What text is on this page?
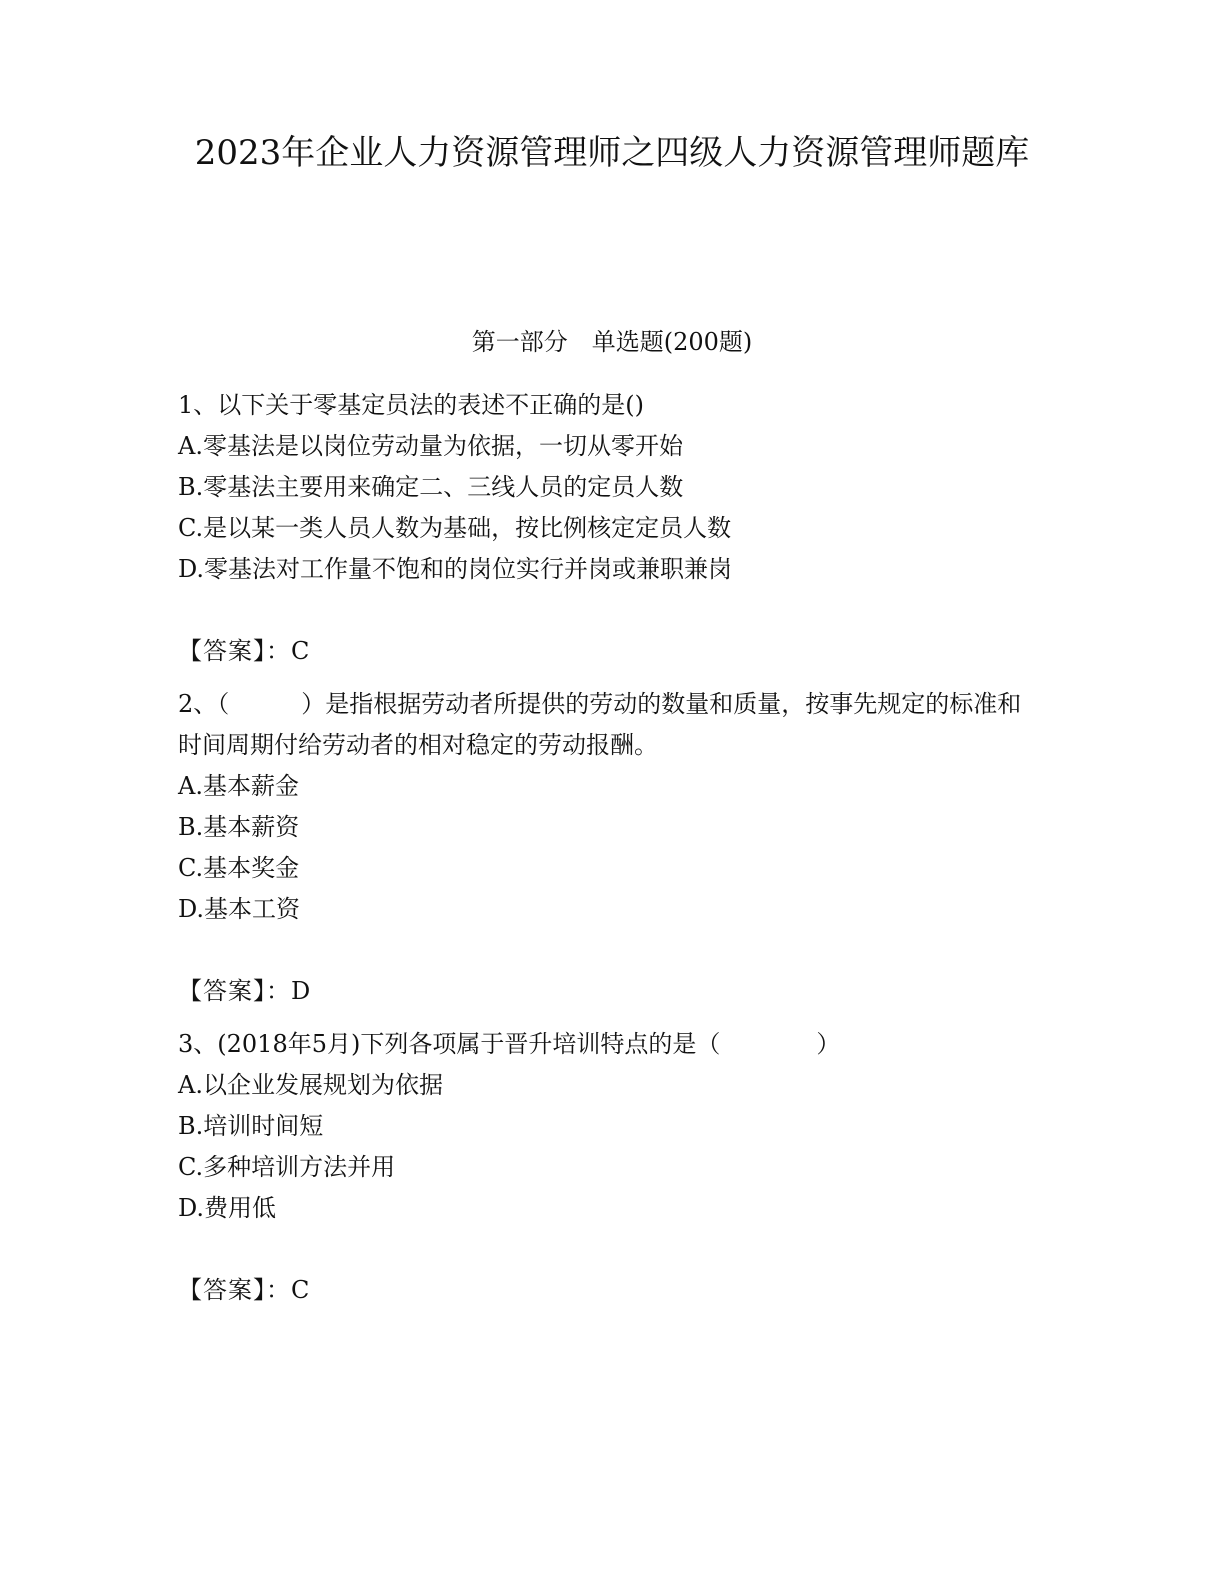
2023年企业人力资源管理师之四级人力资源管理师题库
第一部分　单选题(200题)

1、以下关于零基定员法的表述不正确的是()

A.零基法是以岗位劳动量为依据，一切从零开始

B.零基法主要用来确定二、三线人员的定员人数

C.是以某一类人员人数为基础，按比例核定定员人数

D.零基法对工作量不饱和的岗位实行并岗或兼职兼岗

【答案】：C

2、（　　　）是指根据劳动者所提供的劳动的数量和质量，按事先规定的标准和时间周期付给劳动者的相对稳定的劳动报酬。

A.基本薪金

B.基本薪资

C.基本奖金

D.基本工资

【答案】：D

3、(2018年5月)下列各项属于晋升培训特点的是（　　　　）

A.以企业发展规划为依据

B.培训时间短

C.多种培训方法并用

D.费用低

【答案】：C
